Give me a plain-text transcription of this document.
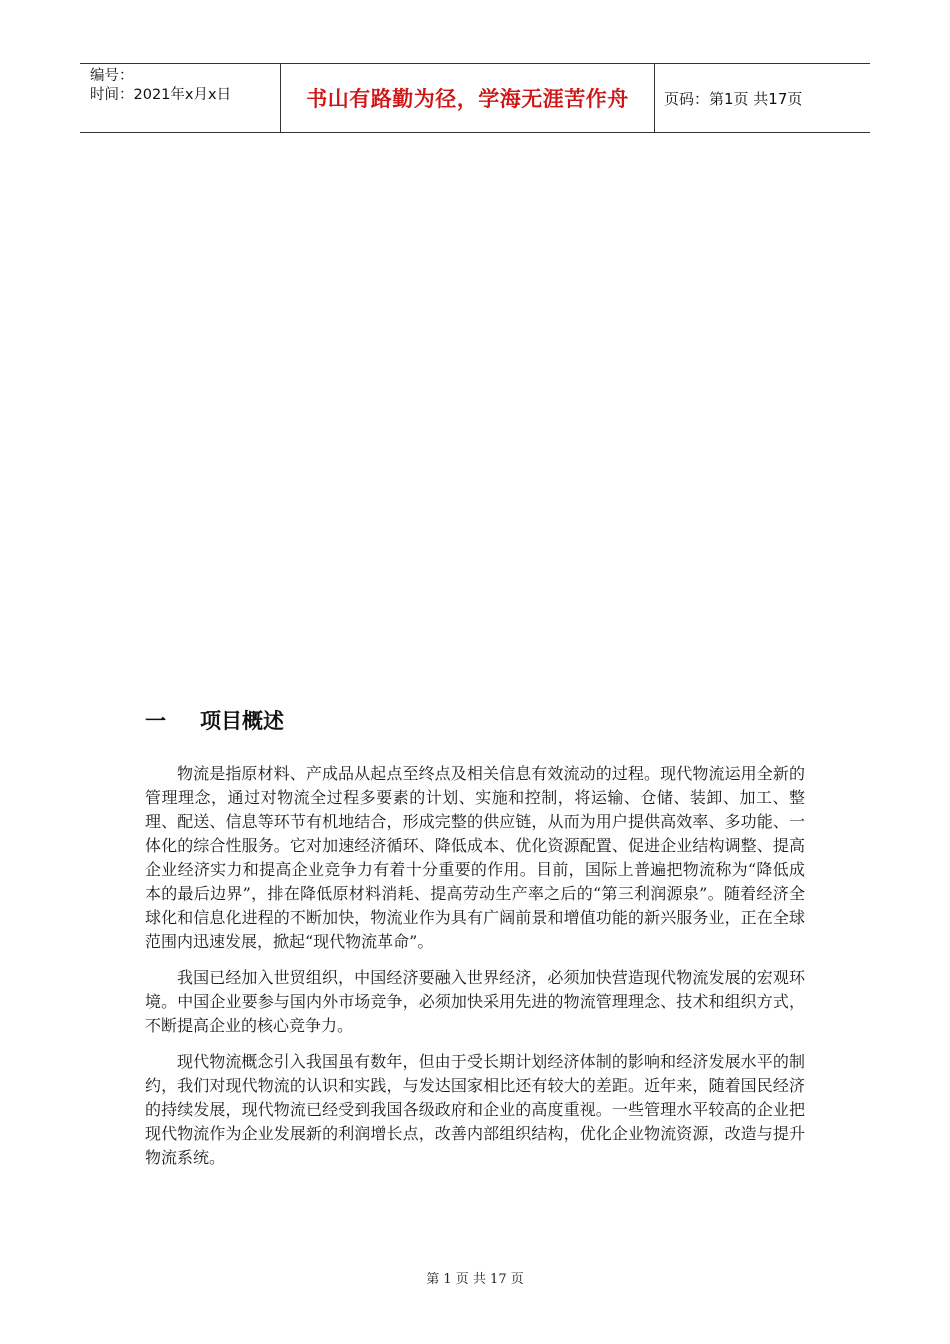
编号：
时间：2021年x月x日	书山有路勤为径，学海无涯苦作舟	页码：第1页 共17页
一	项目概述

物流是指原材料、产成品从起点至终点及相关信息有效流动的过程。现代物流运用全新的管理理念，通过对物流全过程多要素的计划、实施和控制，将运输、仓储、装卸、加工、整理、配送、信息等环节有机地结合，形成完整的供应链，从而为用户提供高效率、多功能、一体化的综合性服务。它对加速经济循环、降低成本、优化资源配置、促进企业结构调整、提高企业经济实力和提高企业竞争力有着十分重要的作用。目前，国际上普遍把物流称为“降低成本的最后边界”，排在降低原材料消耗、提高劳动生产率之后的“第三利润源泉”。随着经济全球化和信息化进程的不断加快，物流业作为具有广阔前景和增值功能的新兴服务业，正在全球范围内迅速发展，掀起“现代物流革命”。

我国已经加入世贸组织，中国经济要融入世界经济，必须加快营造现代物流发展的宏观环境。中国企业要参与国内外市场竞争，必须加快采用先进的物流管理理念、技术和组织方式，不断提高企业的核心竞争力。

现代物流概念引入我国虽有数年，但由于受长期计划经济体制的影响和经济发展水平的制约，我们对现代物流的认识和实践，与发达国家相比还有较大的差距。近年来，随着国民经济的持续发展，现代物流已经受到我国各级政府和企业的高度重视。一些管理水平较高的企业把现代物流作为企业发展新的利润增长点，改善内部组织结构，优化企业物流资源，改造与提升物流系统。

第 1 页 共 17 页
